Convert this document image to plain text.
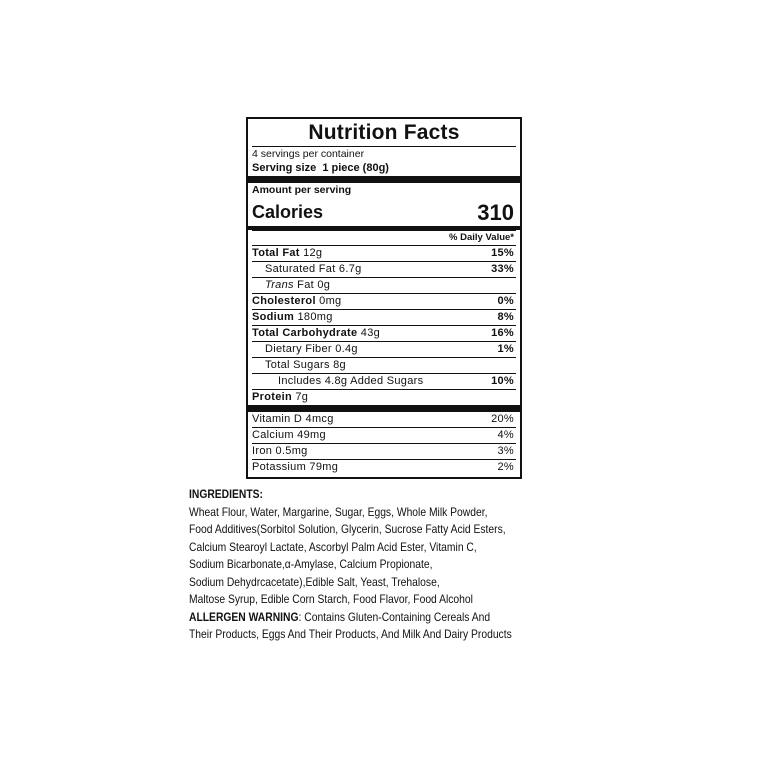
Nutrition Facts
4 servings per container
Serving size 1 piece (80g)
Amount per serving
Calories	310
% Daily Value*
Total Fat 12g	15%
Saturated Fat 6.7g	33%
Trans Fat 0g
Cholesterol 0mg	0%
Sodium 180mg	8%
Total Carbohydrate 43g	16%
Dietary Fiber 0.4g	1%
Total Sugars 8g
Includes 4.8g Added Sugars	10%
Protein 7g
Vitamin D 4mcg	20%
Calcium 49mg	4%
Iron 0.5mg	3%
Potassium 79mg	2%
INGREDIENTS:
Wheat Flour, Water, Margarine, Sugar, Eggs, Whole Milk Powder,
Food Additives(Sorbitol Solution, Glycerin, Sucrose Fatty Acid Esters,
Calcium Stearoyl Lactate, Ascorbyl Palm Acid Ester, Vitamin C,
Sodium Bicarbonate,α-Amylase, Calcium Propionate,
Sodium Dehydrcacetate),Edible Salt, Yeast, Trehalose,
Maltose Syrup, Edible Corn Starch, Food Flavor, Food Alcohol
ALLERGEN WARNING: Contains Gluten-Containing Cereals And
Their Products, Eggs And Their Products, And Milk And Dairy Products
